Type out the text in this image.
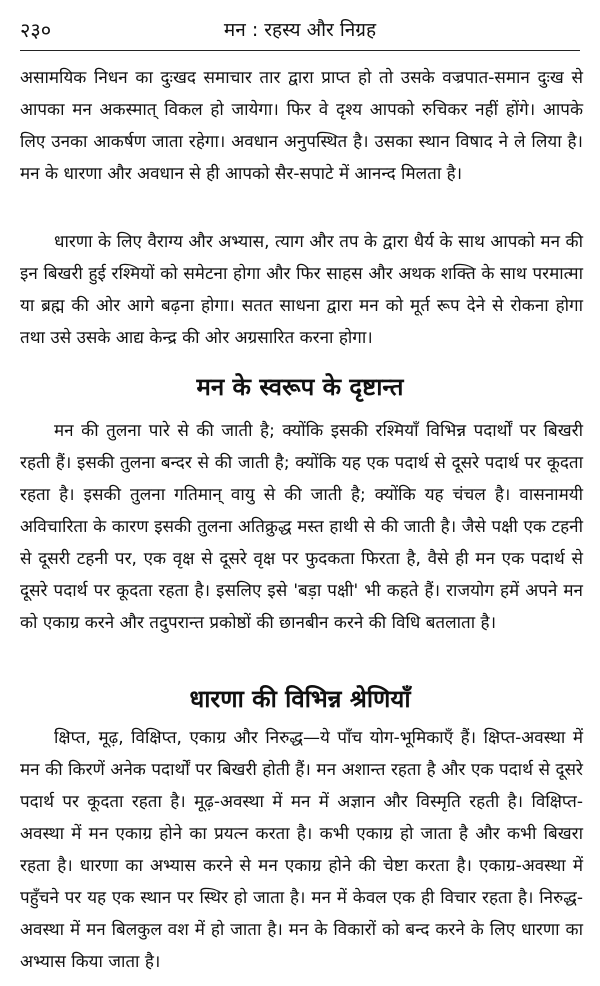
२३०	मन : रहस्य और निग्रह

असामयिक निधन का दुःखद समाचार तार द्वारा प्राप्त हो तो उसके वज्रपात-समान दुःख से आपका मन अकस्मात् विकल हो जायेगा। फिर वे दृश्य आपको रुचिकर नहीं होंगे। आपके लिए उनका आकर्षण जाता रहेगा। अवधान अनुपस्थित है। उसका स्थान विषाद ने ले लिया है। मन के धारणा और अवधान से ही आपको सैर-सपाटे में आनन्द मिलता है।

धारणा के लिए वैराग्य और अभ्यास, त्याग और तप के द्वारा धैर्य के साथ आपको मन की इन बिखरी हुई रश्मियों को समेटना होगा और फिर साहस और अथक शक्ति के साथ परमात्मा या ब्रह्म की ओर आगे बढ़ना होगा। सतत साधना द्वारा मन को मूर्त रूप देने से रोकना होगा तथा उसे उसके आद्य केन्द्र की ओर अग्रसारित करना होगा।

मन के स्वरूप के दृष्टान्त

मन की तुलना पारे से की जाती है; क्योंकि इसकी रश्मियाँ विभिन्न पदार्थों पर बिखरी रहती हैं। इसकी तुलना बन्दर से की जाती है; क्योंकि यह एक पदार्थ से दूसरे पदार्थ पर कूदता रहता है। इसकी तुलना गतिमान् वायु से की जाती है; क्योंकि यह चंचल है। वासनामयी अविचारिता के कारण इसकी तुलना अतिक्रुद्ध मस्त हाथी से की जाती है। जैसे पक्षी एक टहनी से दूसरी टहनी पर, एक वृक्ष से दूसरे वृक्ष पर फुदकता फिरता है, वैसे ही मन एक पदार्थ से दूसरे पदार्थ पर कूदता रहता है। इसलिए इसे 'बड़ा पक्षी' भी कहते हैं। राजयोग हमें अपने मन को एकाग्र करने और तदुपरान्त प्रकोष्ठों की छानबीन करने की विधि बतलाता है।

धारणा की विभिन्न श्रेणियाँ

क्षिप्त, मूढ़, विक्षिप्त, एकाग्र और निरुद्ध—ये पाँच योग-भूमिकाएँ हैं। क्षिप्त-अवस्था में मन की किरणें अनेक पदार्थों पर बिखरी होती हैं। मन अशान्त रहता है और एक पदार्थ से दूसरे पदार्थ पर कूदता रहता है। मूढ़-अवस्था में मन में अज्ञान और विस्मृति रहती है। विक्षिप्त-अवस्था में मन एकाग्र होने का प्रयत्न करता है। कभी एकाग्र हो जाता है और कभी बिखरा रहता है। धारणा का अभ्यास करने से मन एकाग्र होने की चेष्टा करता है। एकाग्र-अवस्था में पहुँचने पर यह एक स्थान पर स्थिर हो जाता है। मन में केवल एक ही विचार रहता है। निरुद्ध-अवस्था में मन बिलकुल वश में हो जाता है। मन के विकारों को बन्द करने के लिए धारणा का अभ्यास किया जाता है।
